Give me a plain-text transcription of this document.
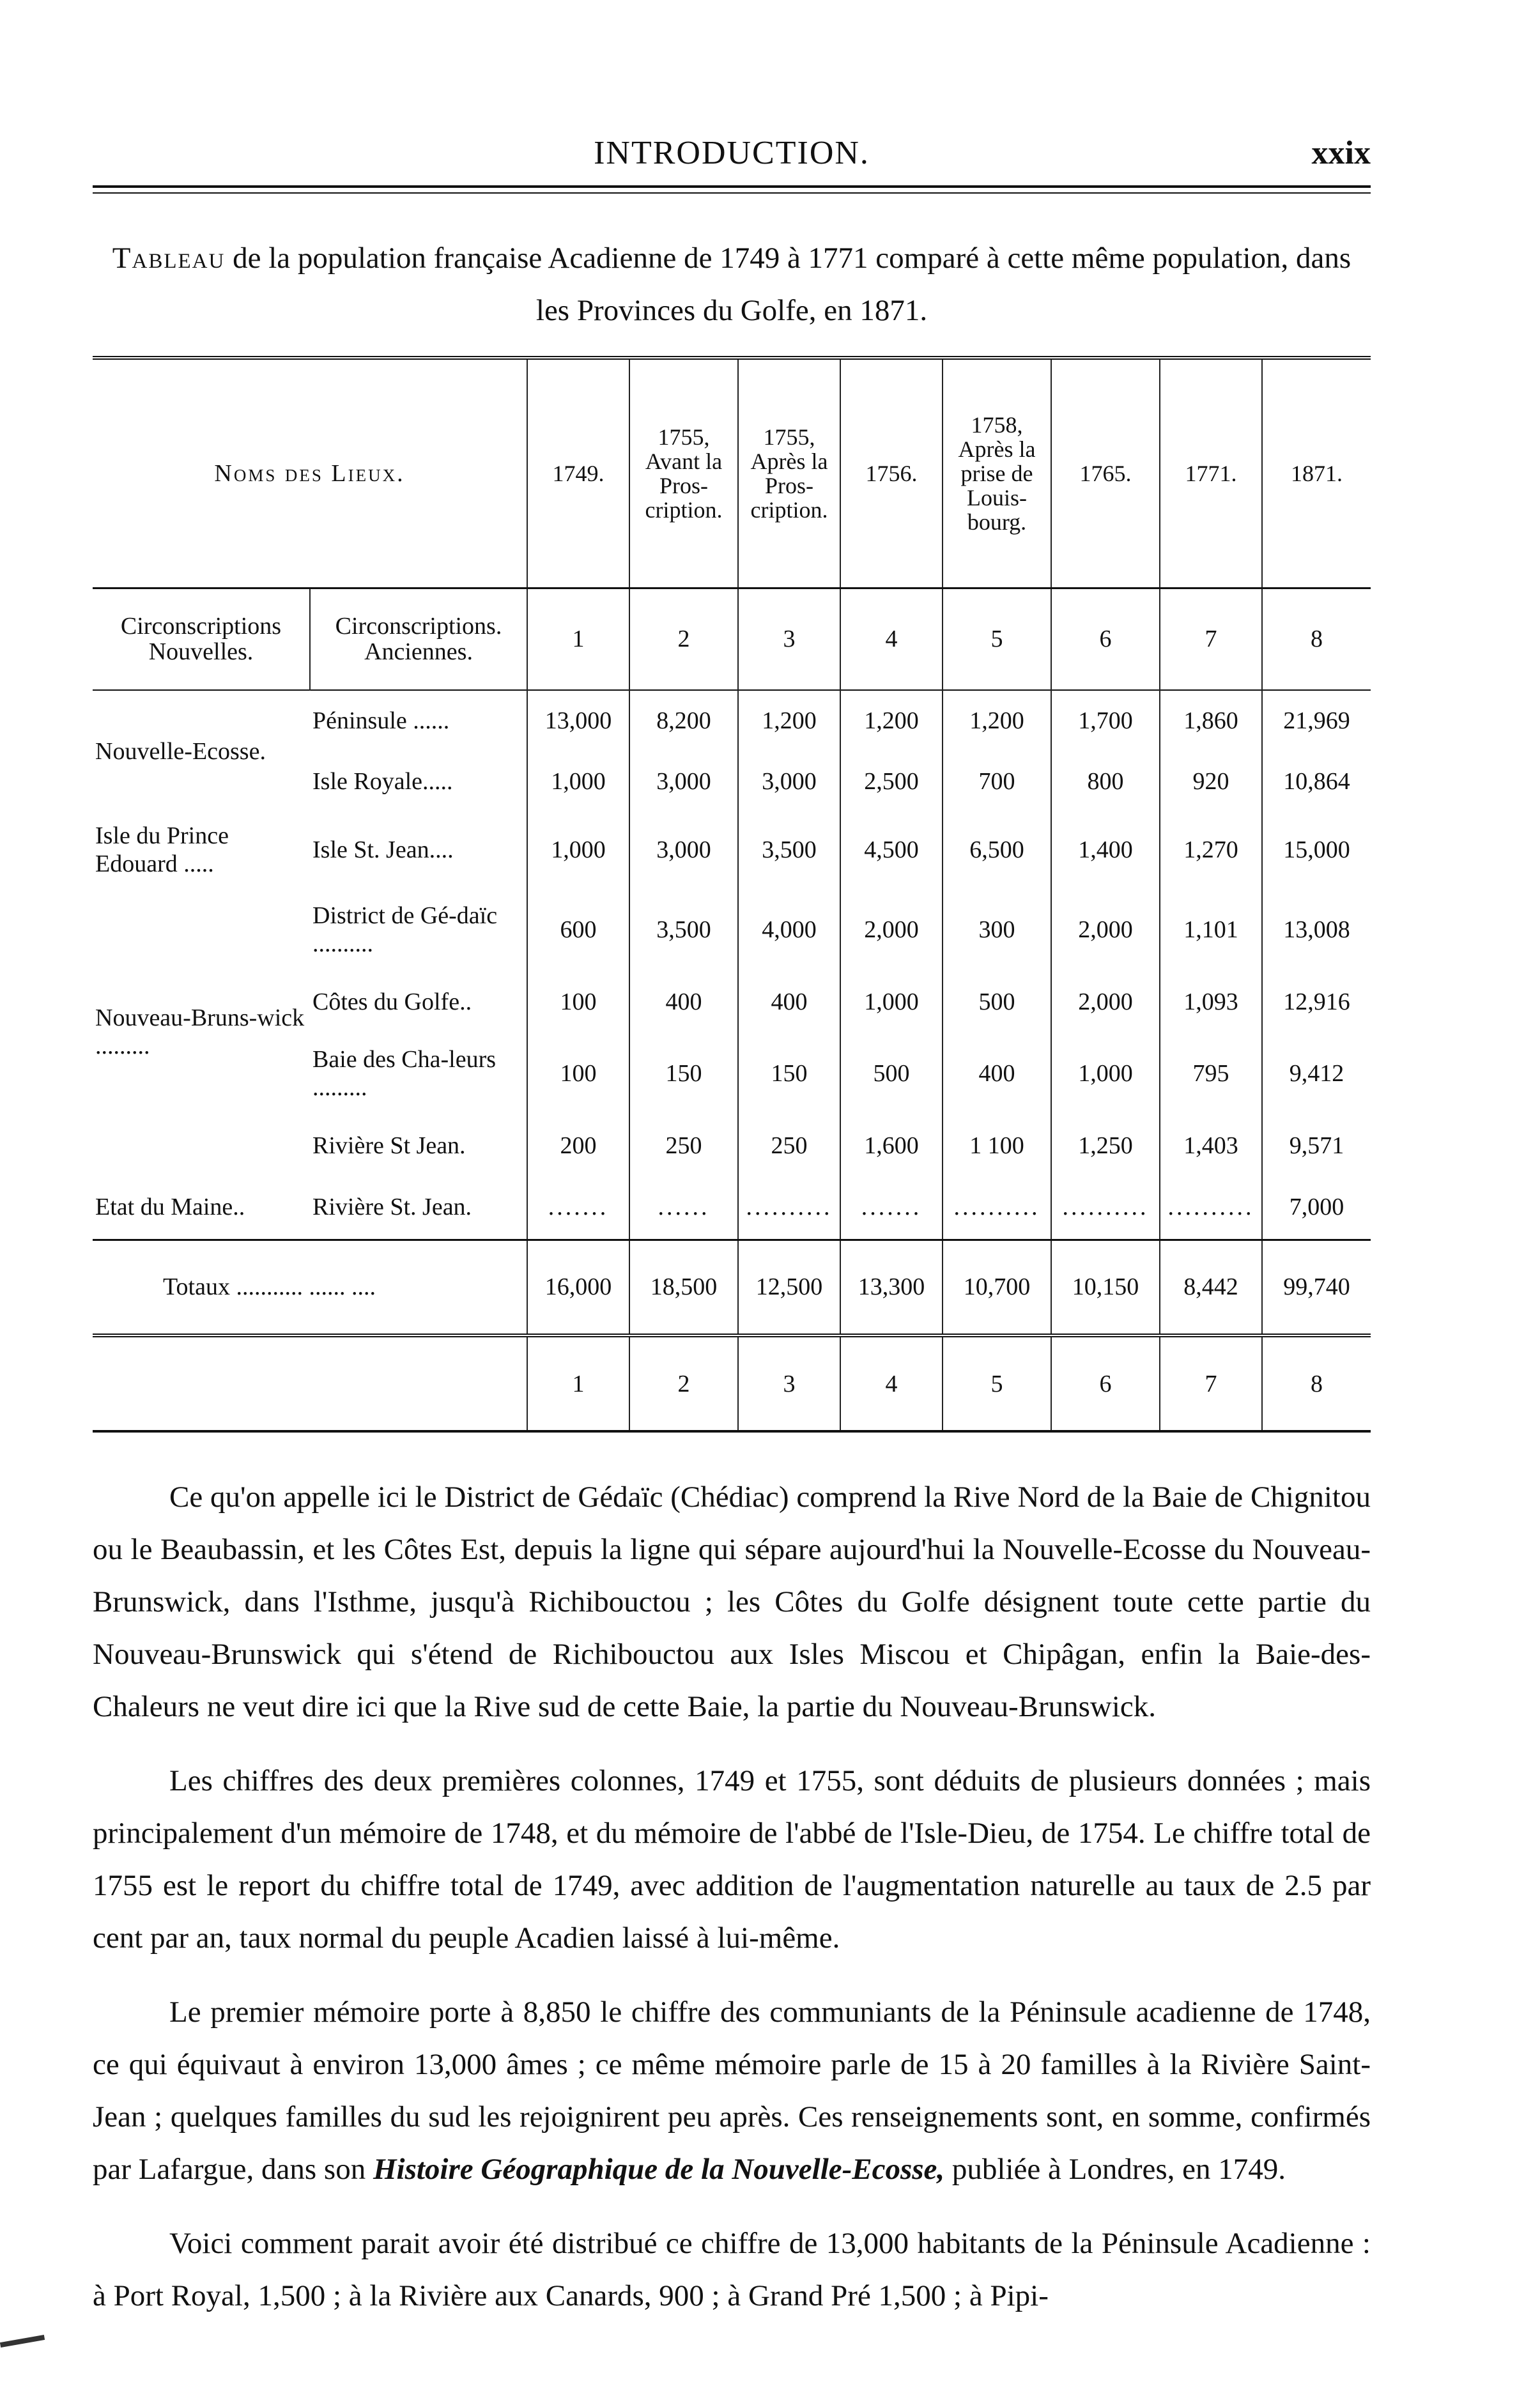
INTRODUCTION.	xxix
Tableau de la population française Acadienne de 1749 à 1771 comparé à cette même population, dans les Provinces du Golfe, en 1871.
Noms des Lieux.		1749.	1755, Avant la Pros-cription.	1755, Après la Pros-cription.	1756.	1758, Après la prise de Louis-bourg.	1765.	1771.	1871.
Circonscriptions Nouvelles.	Circonscriptions. Anciennes.	1	2	3	4	5	6	7	8
Nouvelle-Ecosse.	Péninsule ......	13,000	8,200	1,200	1,200	1,200	1,700	1,860	21,969
	Isle Royale.....	1,000	3,000	3,000	2,500	700	800	920	10,864
Isle du Prince Edouard .....	Isle St. Jean....	1,000	3,000	3,500	4,500	6,500	1,400	1,270	15,000
Nouveau-Bruns-wick .........	District de Gé-daïc ..........	600	3,500	4,000	2,000	300	2,000	1,101	13,008
	Côtes du Golfe..	100	400	400	1,000	500	2,000	1,093	12,916
	Baie des Cha-leurs .........	100	150	150	500	400	1,000	795	9,412
	Rivière St Jean.	200	250	250	1,600	1 100	1,250	1,403	9,571
Etat du Maine..	Rivière St. Jean.	.......	......	..........	.......	..........	..........	..........	7,000
Totaux ........... ...... ....		16,000	18,500	12,500	13,300	10,700	10,150	8,442	99,740
		1	2	3	4	5	6	7	8

Ce qu'on appelle ici le District de Gédaïc (Chédiac) comprend la Rive Nord de la Baie de Chignitou ou le Beaubassin, et les Côtes Est, depuis la ligne qui sépare aujourd'hui la Nouvelle-Ecosse du Nouveau-Brunswick, dans l'Isthme, jusqu'à Richibouctou ; les Côtes du Golfe désignent toute cette partie du Nouveau-Brunswick qui s'étend de Richibouctou aux Isles Miscou et Chipâgan, enfin la Baie-des-Chaleurs ne veut dire ici que la Rive sud de cette Baie, la partie du Nouveau-Brunswick.

Les chiffres des deux premières colonnes, 1749 et 1755, sont déduits de plusieurs données ; mais principalement d'un mémoire de 1748, et du mémoire de l'abbé de l'Isle-Dieu, de 1754. Le chiffre total de 1755 est le report du chiffre total de 1749, avec addition de l'augmentation naturelle au taux de 2.5 par cent par an, taux normal du peuple Acadien laissé à lui-même.

Le premier mémoire porte à 8,850 le chiffre des communiants de la Péninsule acadienne de 1748, ce qui équivaut à environ 13,000 âmes ; ce même mémoire parle de 15 à 20 familles à la Rivière Saint-Jean ; quelques familles du sud les rejoignirent peu après. Ces renseignements sont, en somme, confirmés par Lafargue, dans son Histoire Géographique de la Nouvelle-Ecosse, publiée à Londres, en 1749.

Voici comment parait avoir été distribué ce chiffre de 13,000 habitants de la Péninsule Acadienne : à Port Royal, 1,500 ; à la Rivière aux Canards, 900 ; à Grand Pré 1,500 ; à Pipi-
